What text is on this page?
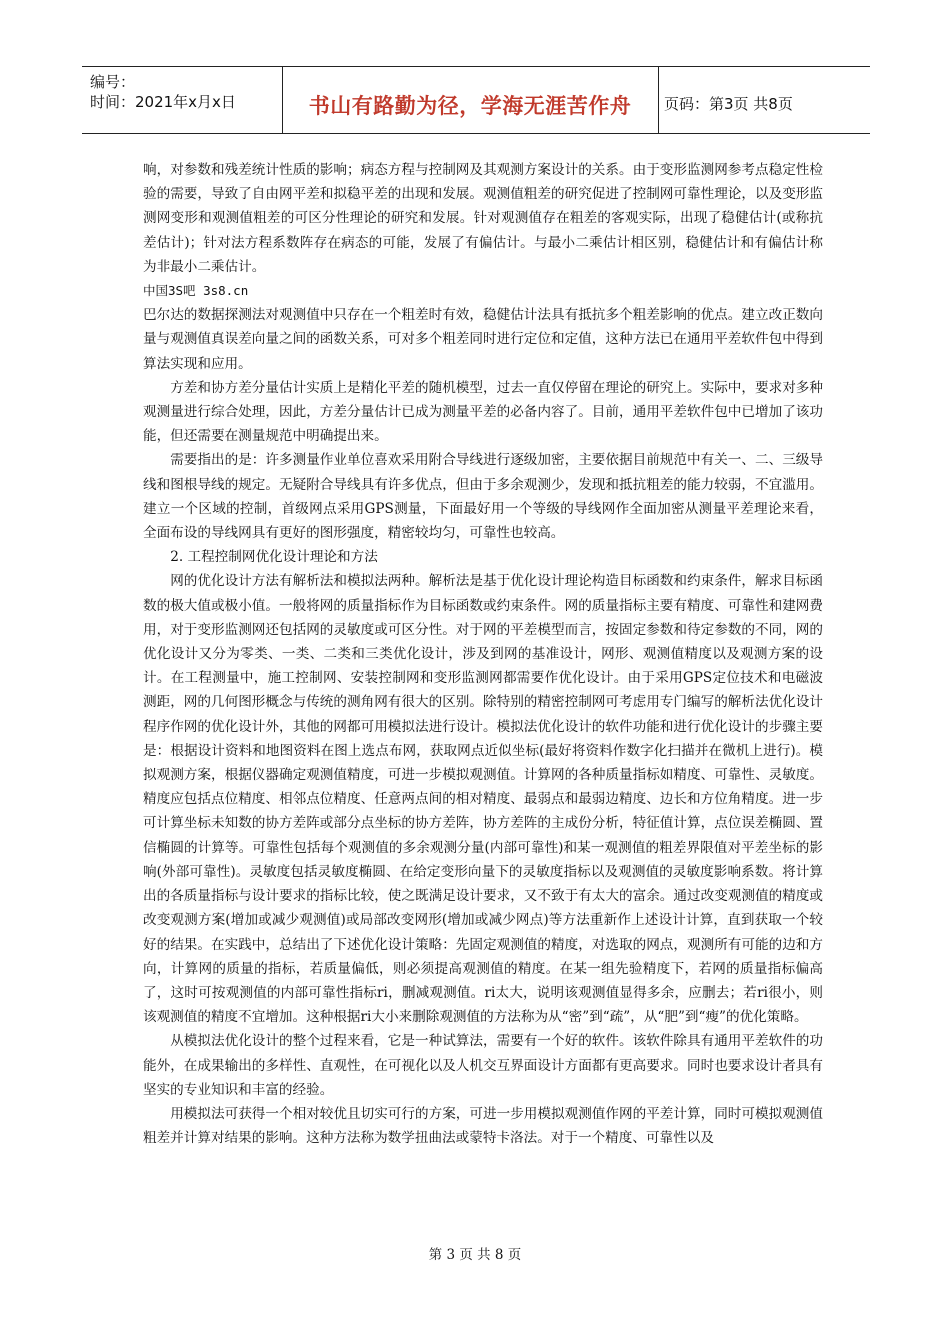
编号：
时间：2021年x月x日	书山有路勤为径，学海无涯苦作舟	页码：第3页 共8页

响，对参数和残差统计性质的影响；病态方程与控制网及其观测方案设计的关系。由于变形监测网参考点稳定性检验的需要，导致了自由网平差和拟稳平差的出现和发展。观测值粗差的研究促进了控制网可靠性理论，以及变形监测网变形和观测值粗差的可区分性理论的研究和发展。针对观测值存在粗差的客观实际，出现了稳健估计(或称抗差估计)；针对法方程系数阵存在病态的可能，发展了有偏估计。与最小二乘估计相区别，稳健估计和有偏估计称为非最小二乘估计。

中国3S吧 3s8.cn

巴尔达的数据探测法对观测值中只存在一个粗差时有效，稳健估计法具有抵抗多个粗差影响的优点。建立改正数向量与观测值真误差向量之间的函数关系，可对多个粗差同时进行定位和定值，这种方法已在通用平差软件包中得到算法实现和应用。

方差和协方差分量估计实质上是精化平差的随机模型，过去一直仅停留在理论的研究上。实际中，要求对多种观测量进行综合处理，因此，方差分量估计已成为测量平差的必备内容了。目前，通用平差软件包中已增加了该功能，但还需要在测量规范中明确提出来。

需要指出的是：许多测量作业单位喜欢采用附合导线进行逐级加密，主要依据目前规范中有关一、二、三级导线和图根导线的规定。无疑附合导线具有许多优点，但由于多余观测少，发现和抵抗粗差的能力较弱，不宜滥用。建立一个区域的控制，首级网点采用GPS测量，下面最好用一个等级的导线网作全面加密从测量平差理论来看，全面布设的导线网具有更好的图形强度，精密较均匀，可靠性也较高。

2. 工程控制网优化设计理论和方法

网的优化设计方法有解析法和模拟法两种。解析法是基于优化设计理论构造目标函数和约束条件，解求目标函数的极大值或极小值。一般将网的质量指标作为目标函数或约束条件。网的质量指标主要有精度、可靠性和建网费用，对于变形监测网还包括网的灵敏度或可区分性。对于网的平差模型而言，按固定参数和待定参数的不同，网的优化设计又分为零类、一类、二类和三类优化设计，涉及到网的基准设计，网形、观测值精度以及观测方案的设计。在工程测量中，施工控制网、安装控制网和变形监测网都需要作优化设计。由于采用GPS定位技术和电磁波测距，网的几何图形概念与传统的测角网有很大的区别。除特别的精密控制网可考虑用专门编写的解析法优化设计程序作网的优化设计外，其他的网都可用模拟法进行设计。模拟法优化设计的软件功能和进行优化设计的步骤主要是：根据设计资料和地图资料在图上选点布网，获取网点近似坐标(最好将资料作数字化扫描并在微机上进行)。模拟观测方案，根据仪器确定观测值精度，可进一步模拟观测值。计算网的各种质量指标如精度、可靠性、灵敏度。精度应包括点位精度、相邻点位精度、任意两点间的相对精度、最弱点和最弱边精度、边长和方位角精度。进一步可计算坐标未知数的协方差阵或部分点坐标的协方差阵，协方差阵的主成份分析，特征值计算，点位误差椭圆、置信椭圆的计算等。可靠性包括每个观测值的多余观测分量(内部可靠性)和某一观测值的粗差界限值对平差坐标的影响(外部可靠性)。灵敏度包括灵敏度椭圆、在给定变形向量下的灵敏度指标以及观测值的灵敏度影响系数。将计算出的各质量指标与设计要求的指标比较，使之既满足设计要求，又不致于有太大的富余。通过改变观测值的精度或改变观测方案(增加或减少观测值)或局部改变网形(增加或减少网点)等方法重新作上述设计计算，直到获取一个较好的结果。在实践中，总结出了下述优化设计策略：先固定观测值的精度，对选取的网点，观测所有可能的边和方向，计算网的质量的指标，若质量偏低，则必须提高观测值的精度。在某一组先验精度下，若网的质量指标偏高了，这时可按观测值的内部可靠性指标ri，删减观测值。ri太大，说明该观测值显得多余，应删去；若ri很小，则该观测值的精度不宜增加。这种根据ri大小来删除观测值的方法称为从“密”到“疏”，从“肥”到“瘦”的优化策略。

从模拟法优化设计的整个过程来看，它是一种试算法，需要有一个好的软件。该软件除具有通用平差软件的功能外，在成果输出的多样性、直观性，在可视化以及人机交互界面设计方面都有更高要求。同时也要求设计者具有坚实的专业知识和丰富的经验。

用模拟法可获得一个相对较优且切实可行的方案，可进一步用模拟观测值作网的平差计算，同时可模拟观测值粗差并计算对结果的影响。这种方法称为数学扭曲法或蒙特卡洛法。对于一个精度、可靠性以及

第 3 页 共 8 页
